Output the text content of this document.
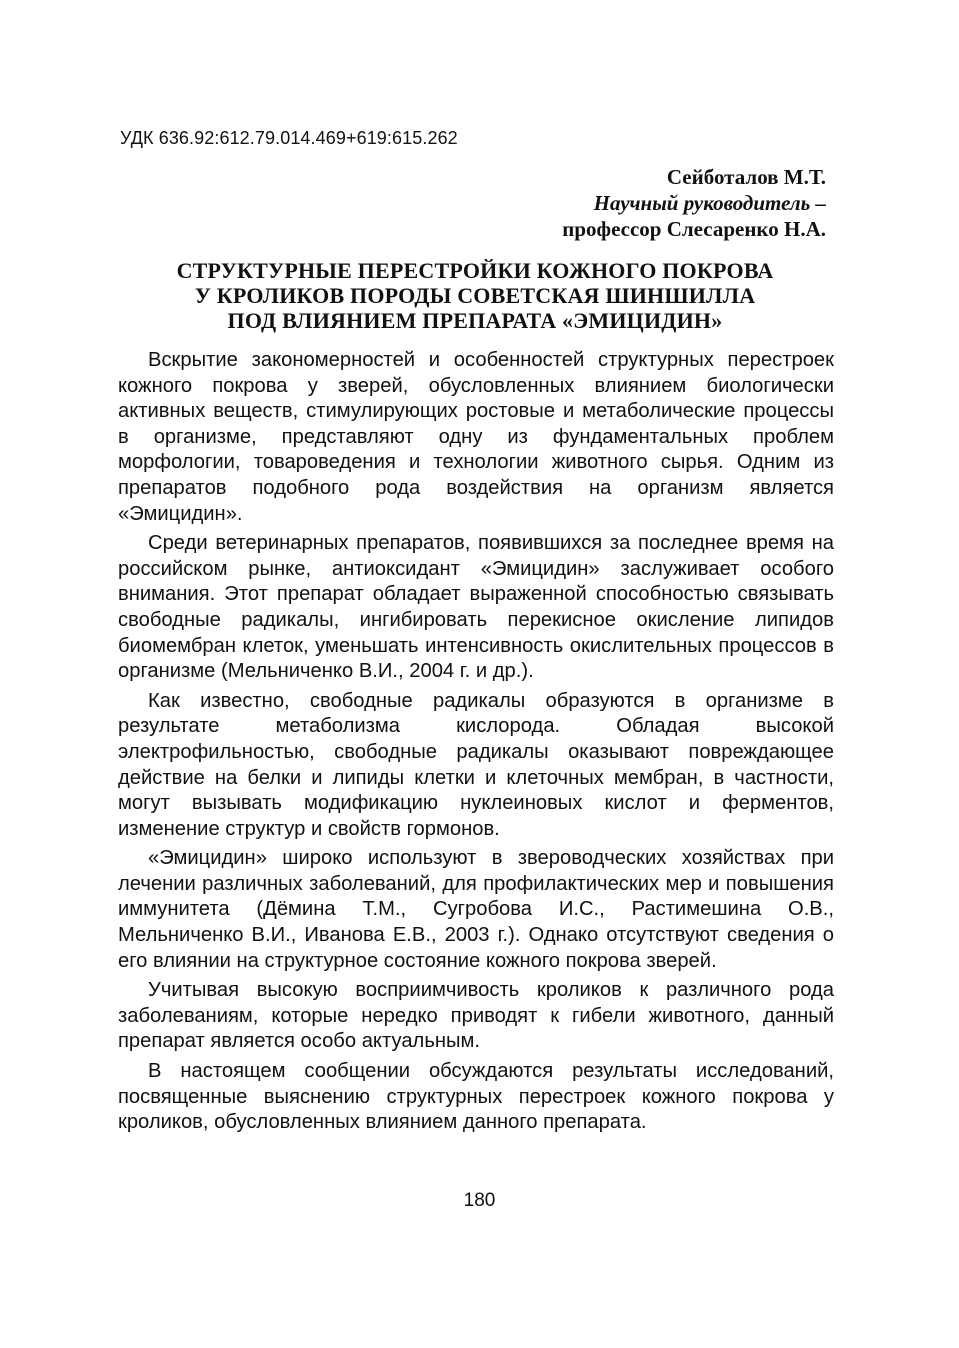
УДК 636.92:612.79.014.469+619:615.262
Сейботалов М.Т.
Научный руководитель –
профессор Слесаренко Н.А.
СТРУКТУРНЫЕ ПЕРЕСТРОЙКИ КОЖНОГО ПОКРОВА
У КРОЛИКОВ ПОРОДЫ СОВЕТСКАЯ ШИНШИЛЛА
ПОД ВЛИЯНИЕМ ПРЕПАРАТА «ЭМИЦИДИН»

Вскрытие закономерностей и особенностей структурных перестроек кожного покрова у зверей, обусловленных влиянием биологически активных веществ, стимулирующих ростовые и метаболические процессы в организме, представляют одну из фундаментальных проблем морфологии, товароведения и технологии животного сырья. Одним из препаратов подобного рода воздействия на организм является «Эмицидин».

Среди ветеринарных препаратов, появившихся за последнее время на российском рынке, антиоксидант «Эмицидин» заслуживает особого внимания. Этот препарат обладает выраженной способностью связывать свободные радикалы, ингибировать перекисное окисление липидов биомембран клеток, уменьшать интенсивность окислительных процессов в организме (Мельниченко В.И., 2004 г. и др.).

Как известно, свободные радикалы образуются в организме в результате метаболизма кислорода. Обладая высокой электрофильностью, свободные радикалы оказывают повреждающее действие на белки и липиды клетки и клеточных мембран, в частности, могут вызывать модификацию нуклеиновых кислот и ферментов, изменение структур и свойств гормонов.

«Эмицидин» широко используют в звероводческих хозяйствах при лечении различных заболеваний, для профилактических мер и повышения иммунитета (Дёмина Т.М., Сугробова И.С., Растимешина О.В., Мельниченко В.И., Иванова Е.В., 2003 г.). Однако отсутствуют сведения о его влиянии на структурное состояние кожного покрова зверей.

Учитывая высокую восприимчивость кроликов к различного рода заболеваниям, которые нередко приводят к гибели животного, данный препарат является особо актуальным.

В настоящем сообщении обсуждаются результаты исследований, посвященные выяснению структурных перестроек кожного покрова у кроликов, обусловленных влиянием данного препарата.

180
